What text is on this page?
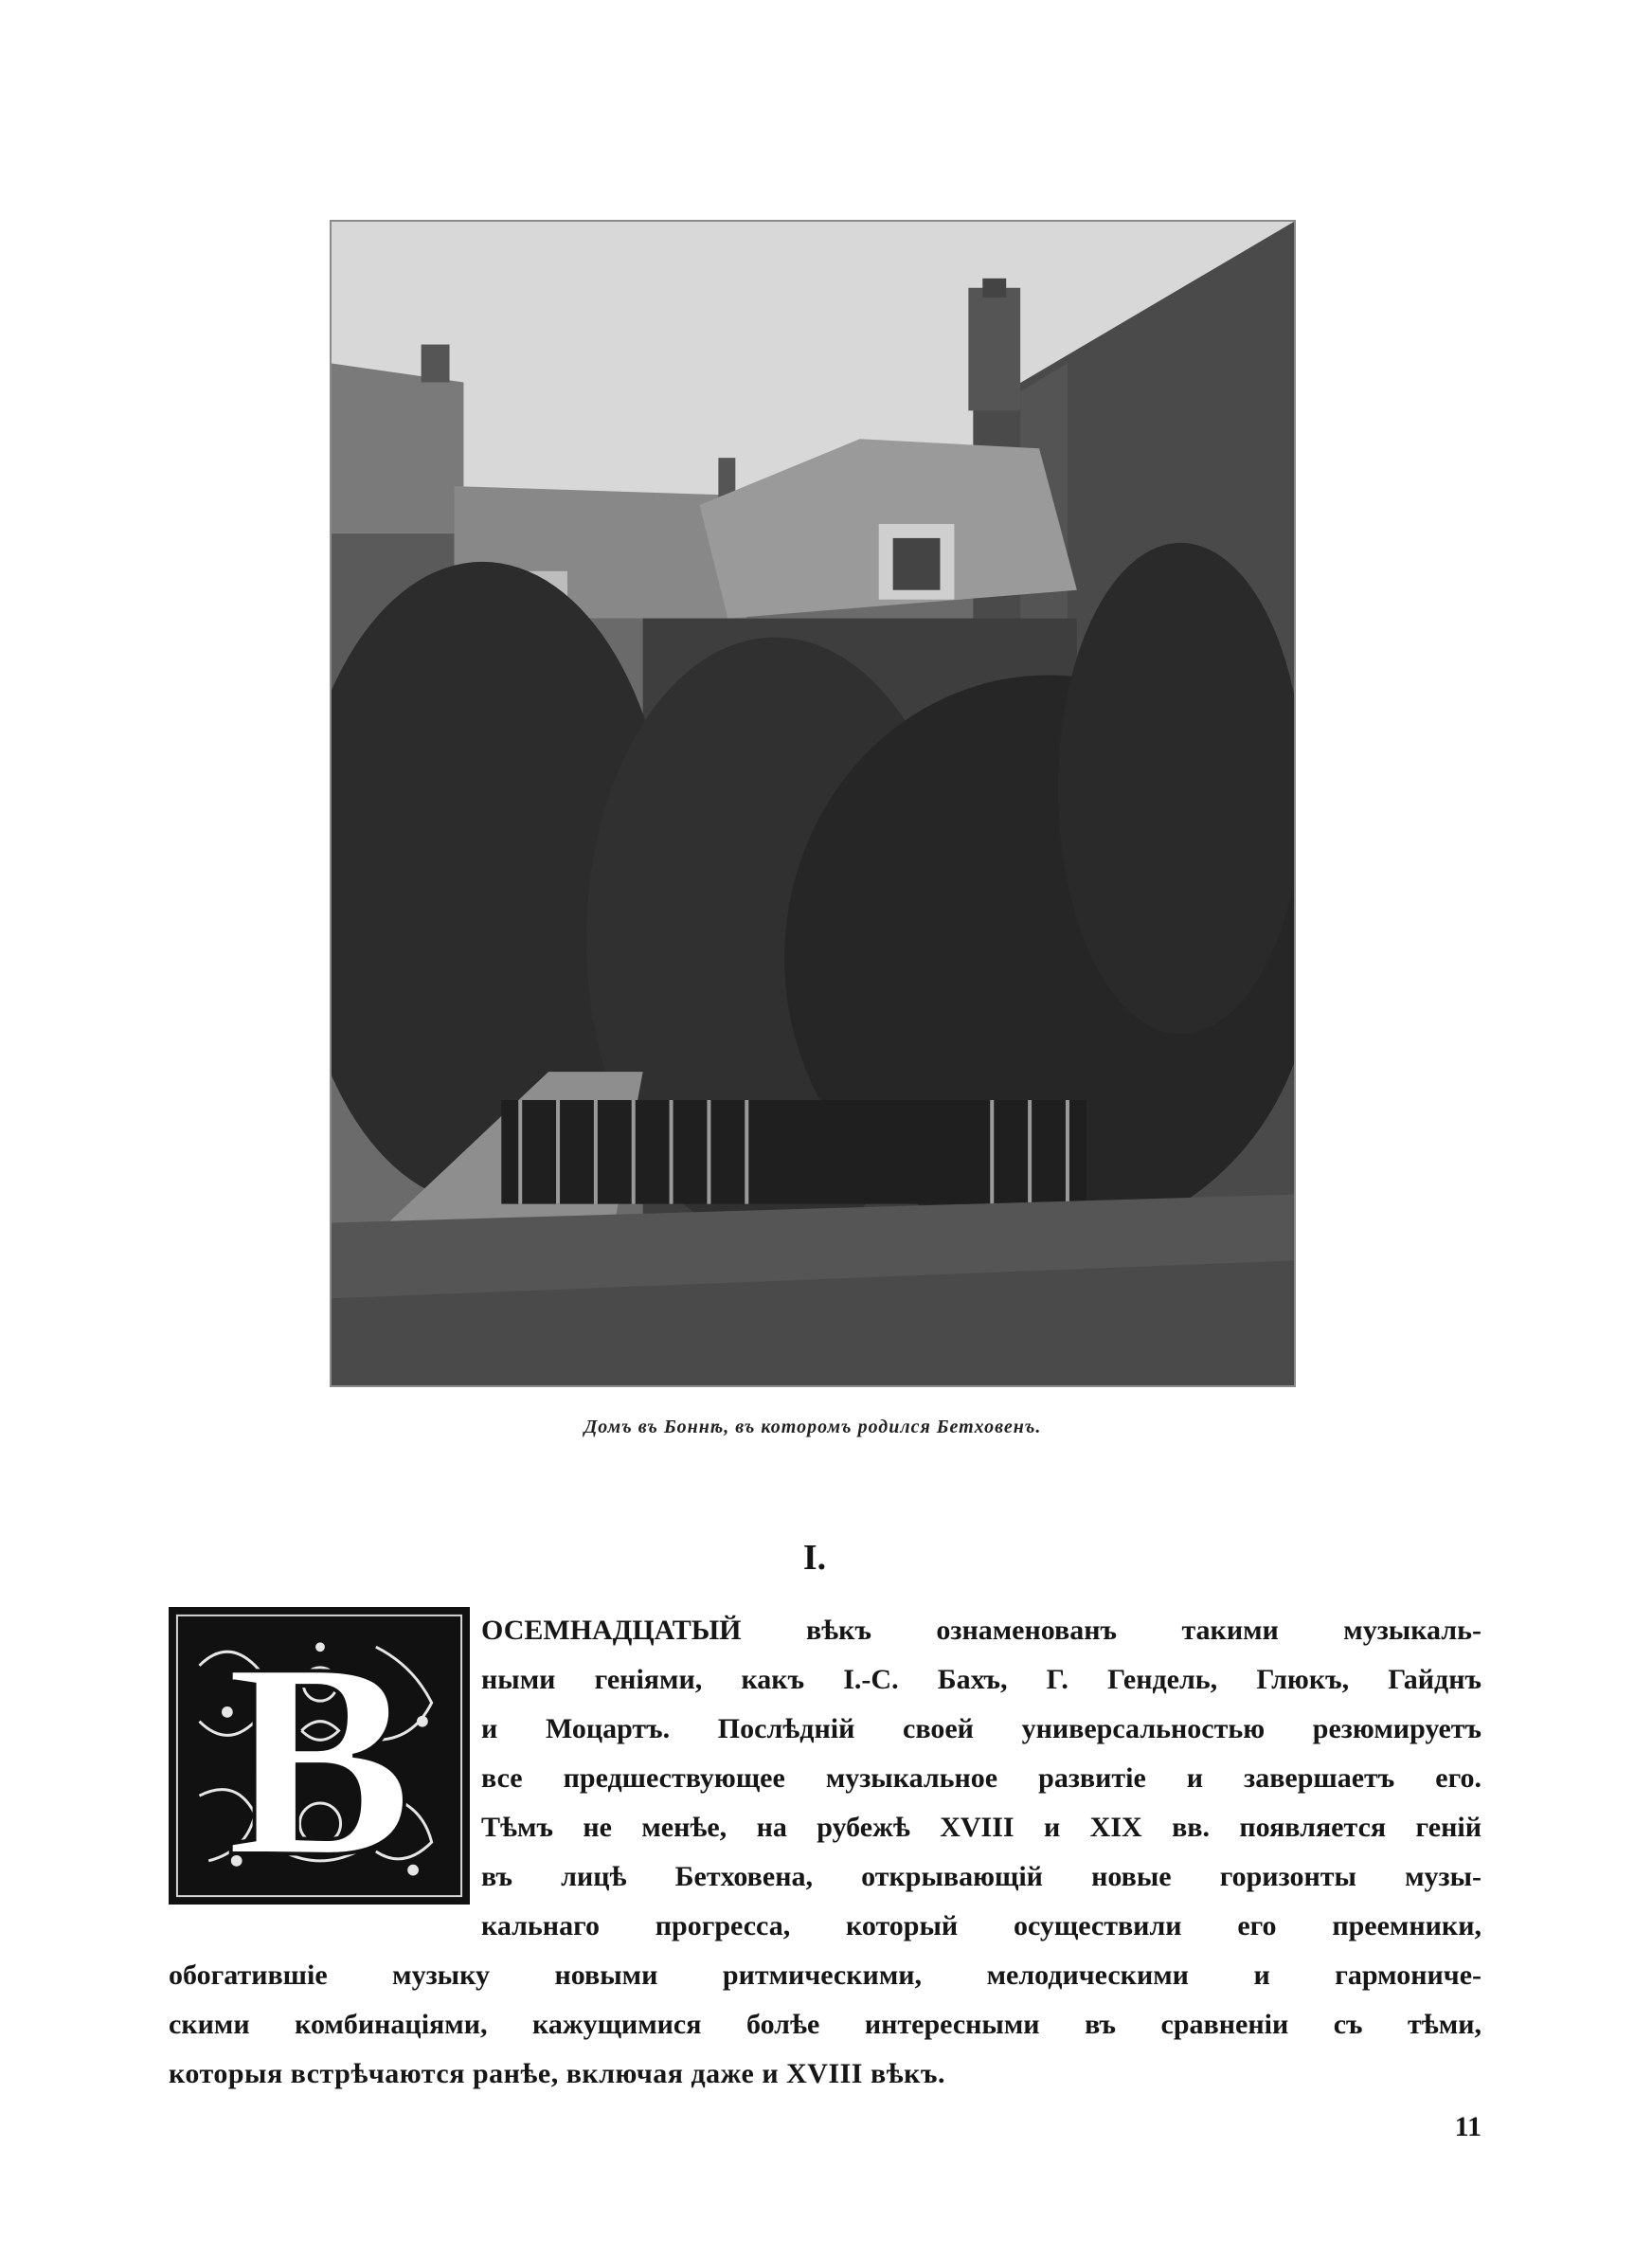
Домъ въ Боннѣ, въ которомъ родился Бетховенъ.
I.
В ОСЕМНАДЦАТЫЙ вѣкъ ознаменованъ такими музыкаль-

ными геніями, какъ І.-С. Бахъ, Г. Гендель, Глюкъ, Гайднъ

и Моцартъ. Послѣдній своей универсальностью резюмируетъ

все предшествующее музыкальное развитіе и завершаетъ его.

Тѣмъ не менѣе, на рубежѣ XVIII и XIX вв. появляется геній

въ лицѣ Бетховена, открывающій новые горизонты музы-

кальнаго прогресса, который осуществили его преемники,

обогатившіе музыку новыми ритмическими, мелодическими и гармониче-

скими комбинаціями, кажущимися болѣе интересными въ сравненіи съ тѣми,

которыя встрѣчаются ранѣе, включая даже и XVIII вѣкъ.

11
